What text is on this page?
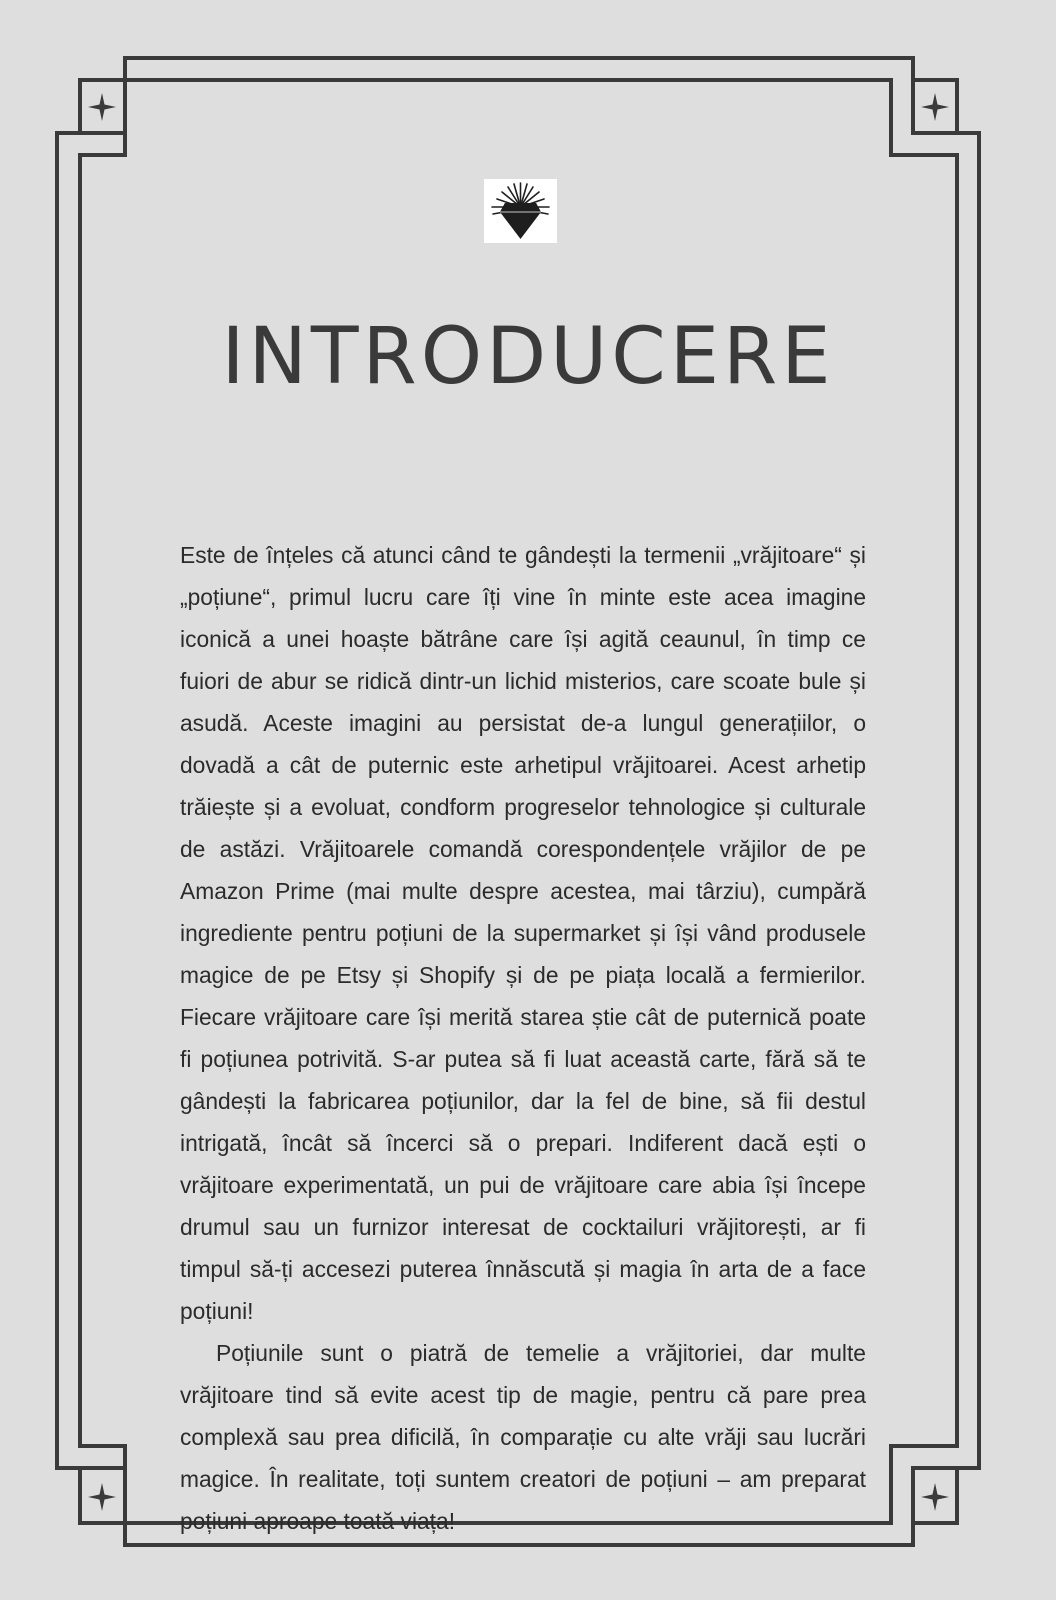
INTRODUCERE

Este de înțeles că atunci când te gândești la termenii „vrăjitoare“ și „poțiune“, primul lucru care îți vine în minte este acea imagine iconică a unei hoaște bătrâne care își agită ceaunul, în timp ce fuiori de abur se ridică dintr-un lichid misterios, care scoate bule și asudă. Aceste imagini au persistat de-a lungul generațiilor, o dovadă a cât de puternic este arhetipul vrăjitoarei. Acest arhetip trăiește și a evoluat, condform progreselor tehnologice și culturale de astăzi. Vrăjitoarele comandă corespondențele vrăjilor de pe Amazon Prime (mai multe despre acestea, mai târziu), cumpără ingrediente pentru poțiuni de la supermarket și își vând produsele magice de pe Etsy și Shopify și de pe piața locală a fermierilor. Fiecare vrăjitoare care își merită starea știe cât de puternică poate fi poțiunea potrivită. S-ar putea să fi luat această carte, fără să te gândești la fabricarea poțiunilor, dar la fel de bine, să fii destul intrigată, încât să încerci să o prepari. Indiferent dacă ești o vrăjitoare experimentată, un pui de vrăjitoare care abia își începe drumul sau un furnizor interesat de cocktailuri vrăjitorești, ar fi timpul să-ți accesezi puterea înnăscută și magia în arta de a face poțiuni!

Poțiunile sunt o piatră de temelie a vrăjitoriei, dar multe vrăjitoare tind să evite acest tip de magie, pentru că pare prea complexă sau prea dificilă, în comparație cu alte vrăji sau lucrări magice. În realitate, toți suntem creatori de poțiuni – am preparat poțiuni aproape toată viața!
